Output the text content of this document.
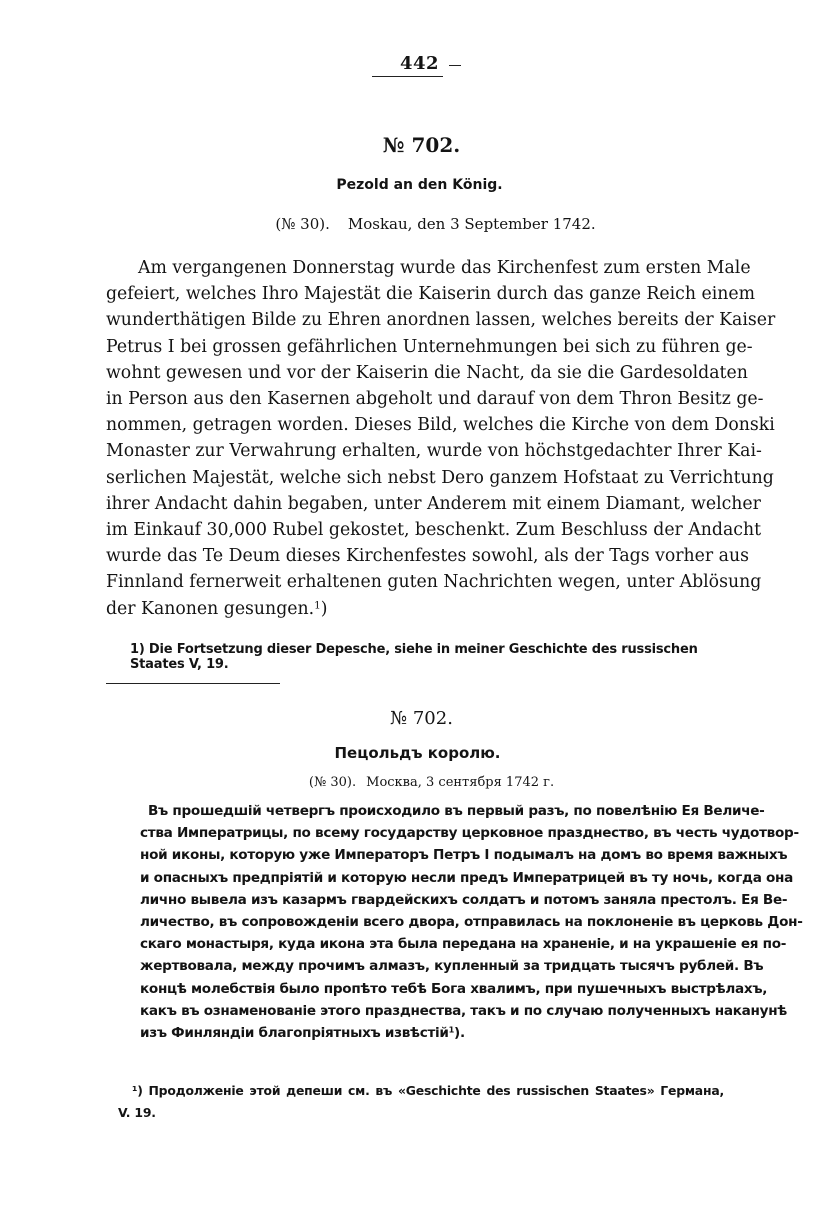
442
№ 702.
Pezold an den König.
(№ 30). Moskau, den 3 September 1742.
Am vergangenen Donnerstag wurde das Kirchenfest zum ersten Male
gefeiert, welches Ihro Majestät die Kaiserin durch das ganze Reich einem
wunderthätigen Bilde zu Ehren anordnen lassen, welches bereits der Kaiser
Petrus I bei grossen gefährlichen Unternehmungen bei sich zu führen ge-
wohnt gewesen und vor der Kaiserin die Nacht, da sie die Gardesoldaten
in Person aus den Kasernen abgeholt und darauf von dem Thron Besitz ge-
nommen, getragen worden. Dieses Bild, welches die Kirche von dem Donski
Monaster zur Verwahrung erhalten, wurde von höchstgedachter Ihrer Kai-
serlichen Majestät, welche sich nebst Dero ganzem Hofstaat zu Verrichtung
ihrer Andacht dahin begaben, unter Anderem mit einem Diamant, welcher
im Einkauf 30,000 Rubel gekostet, beschenkt. Zum Beschluss der Andacht
wurde das Te Deum dieses Kirchenfestes sowohl, als der Tags vorher aus
Finnland fernerweit erhaltenen guten Nachrichten wegen, unter Ablösung
der Kanonen gesungen.$^1$)
1) Die Fortsetzung dieser Depesche, siehe in meiner Geschichte des russischen Staates V, 19.
№ 702.
Пецольдъ королю.
(№ 30). Москва, 3 сентября 1742 г.
Въ прошедшій четвергъ происходило въ первый разъ, по повелѣнію Ея Величе-
ства Императрицы, по всему государству церковное празднество, въ честь чудотвор-
ной иконы, которую уже Императоръ Петръ I подымалъ на домъ во время важныхъ
и опасныхъ предпріятій и которую несли предъ Императрицей въ ту ночь, когда она
лично вывела изъ казармъ гвардейскихъ солдатъ и потомъ заняла престолъ. Ея Ве-
личество, въ сопровожденіи всего двора, отправилась на поклоненіе въ церковь Дон-
скаго монастыря, куда икона эта была передана на храненіе, и на украшеніе ея по-
жертвовала, между прочимъ алмазъ, купленный за тридцать тысячъ рублей. Въ
концѣ молебствія было пропѣто тебѣ Бога хвалимъ, при пушечныхъ выстрѣлахъ,
какъ въ ознаменованіе этого празднества, такъ и по случаю полученныхъ наканунѣ
изъ Финляндіи благопріятныхъ извѣстій$^1$).
¹) Продолженіе этой депеши см. въ «Geschichte des russischen Staates» Германа,
V. 19.
